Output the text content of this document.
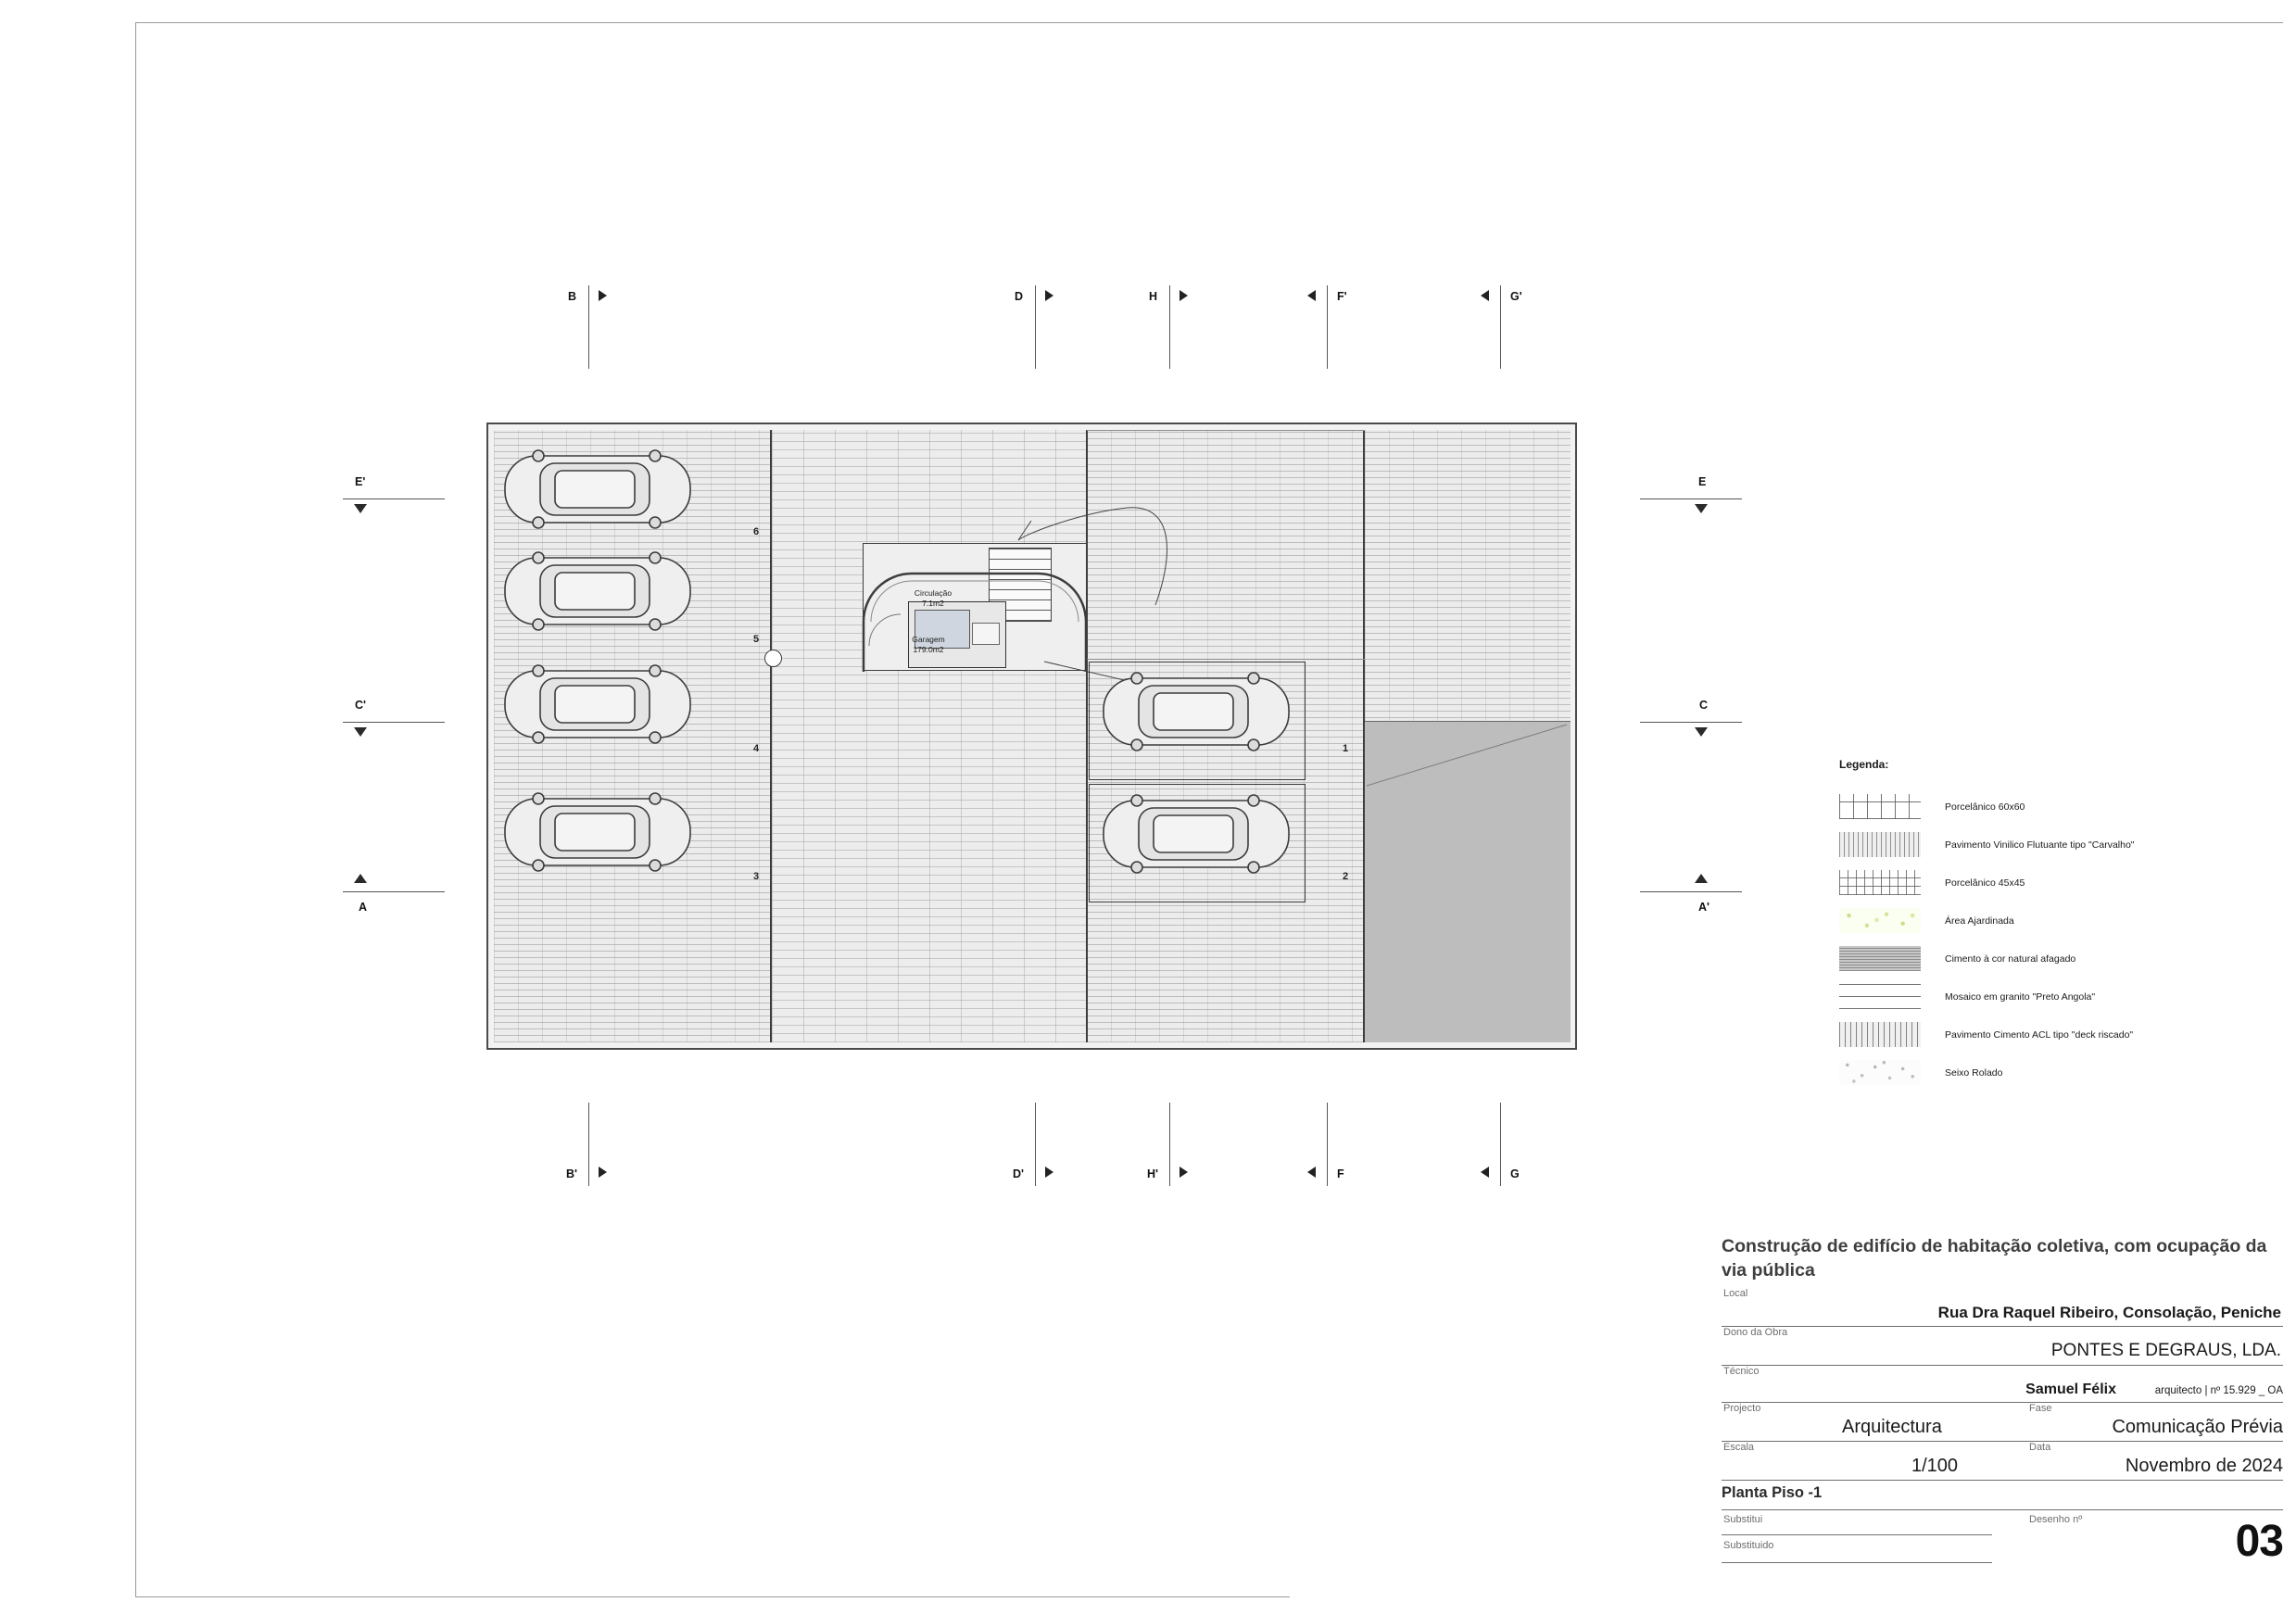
Circulação
7.1m2
Garagem
179.0m2
6
5
4
3
1
2
B	D	H	F'	G'
B'	D'	H'	F	G
E'
C'
A
E
C
A'
Legenda:
Porcelânico 60x60
Pavimento Vinilico Flutuante tipo "Carvalho"
Porcelânico 45x45
Área Ajardinada
Cimento à cor natural afagado
Mosaico em granito "Preto Angola"
Pavimento Cimento ACL tipo "deck riscado"
Seixo Rolado
Construção de edifício de habitação coletiva, com ocupação da via pública
Local
Rua Dra Raquel Ribeiro, Consolação, Peniche
Dono da Obra
PONTES E DEGRAUS, LDA.
Técnico
Samuel Félix	arquitecto | nº 15.929 _ OA
Projecto
Arquitectura
Fase
Comunicação Prévia
Escala
1/100
Data
Novembro de 2024
Planta Piso -1
Substitui
Substituido
Desenho nº	03
